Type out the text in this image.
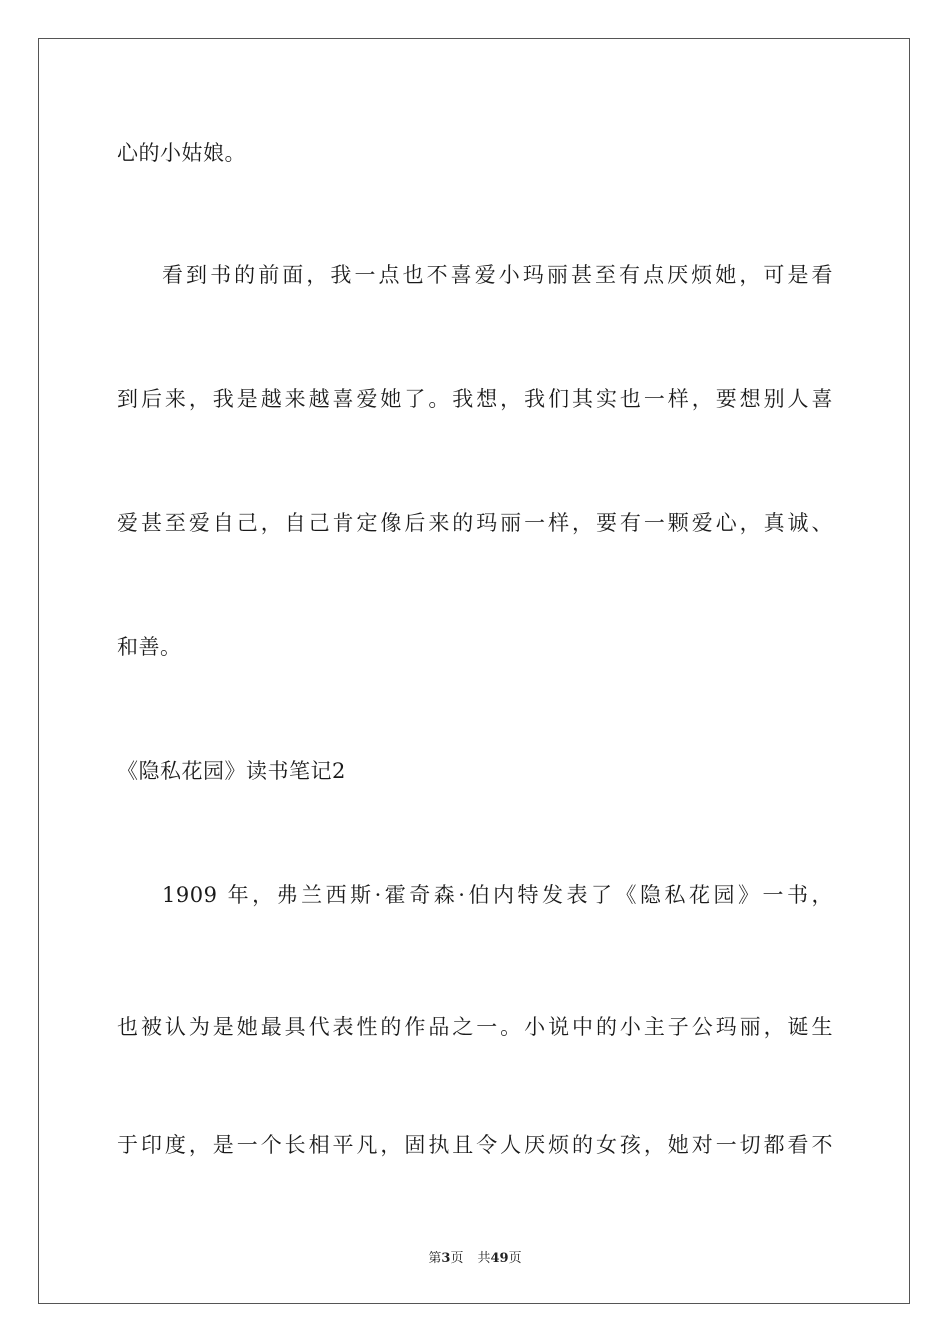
心的小姑娘。
看到书的前面，我一点也不喜爱小玛丽甚至有点厌烦她，可是看
到后来，我是越来越喜爱她了。我想，我们其实也一样，要想别人喜
爱甚至爱自己，自己肯定像后来的玛丽一样，要有一颗爱心，真诚、
和善。
《隐私花园》读书笔记2
1909 年，弗兰西斯·霍奇森·伯内特发表了《隐私花园》一书，
也被认为是她最具代表性的作品之一。小说中的小主子公玛丽，诞生
于印度，是一个长相平凡，固执且令人厌烦的女孩，她对一切都看不
第3页 共49页
